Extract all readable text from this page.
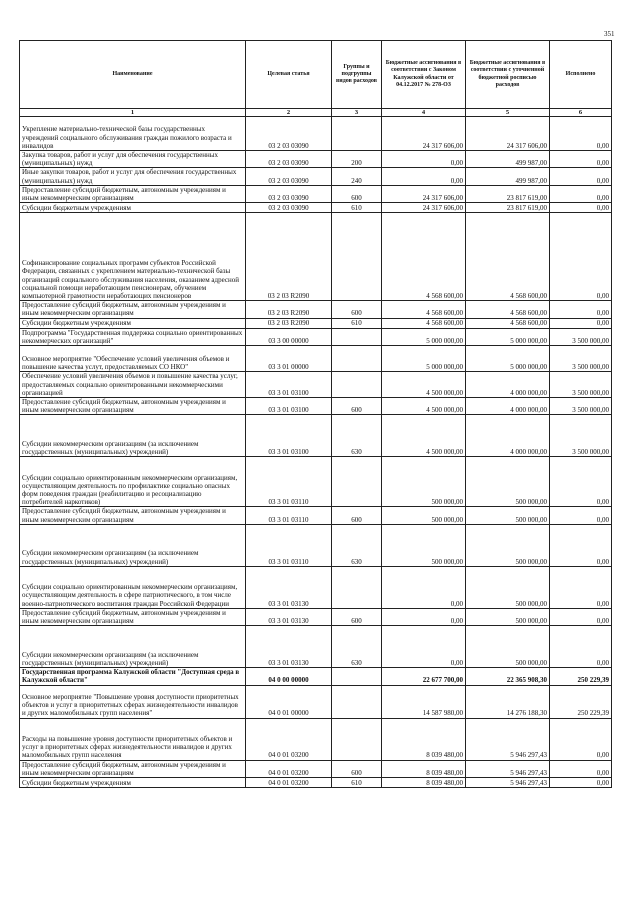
351
Наименование	Целевая статья	Группы и подгруппы видов расходов	Бюджетные ассигнования в соответствии с Законом Калужской области от 04.12.2017 № 278-ОЗ	Бюджетные ассигнования в соответствии с уточненной бюджетной росписью расходов	Исполнено
1	2	3	4	5	6
Укрепление материально-технической базы государственных учреждений социального обслуживания граждан пожилого возраста и инвалидов	03 2 03 03090		24 317 606,00	24 317 606,00	0,00
Закупка товаров, работ и услуг для обеспечения государственных (муниципальных) нужд	03 2 03 03090	200	0,00	499 987,00	0,00
Иные закупки товаров, работ и услуг для обеспечения государственных (муниципальных) нужд	03 2 03 03090	240	0,00	499 987,00	0,00
Предоставление субсидий бюджетным, автономным учреждениям и иным некоммерческим организациям	03 2 03 03090	600	24 317 606,00	23 817 619,00	0,00
Субсидии бюджетным учреждениям	03 2 03 03090	610	24 317 606,00	23 817 619,00	0,00
Софинансирование социальных программ субъектов Российской Федерации, связанных с укреплением материально-технической базы организаций социального обслуживания населения, оказанием адресной социальной помощи неработающим пенсионерам, обучением компьютерной грамотности неработающих пенсионеров	03 2 03 R2090		4 568 600,00	4 568 600,00	0,00
Предоставление субсидий бюджетным, автономным учреждениям и иным некоммерческим организациям	03 2 03 R2090	600	4 568 600,00	4 568 600,00	0,00
Субсидии бюджетным учреждениям	03 2 03 R2090	610	4 568 600,00	4 568 600,00	0,00
Подпрограмма "Государственная поддержка социально ориентированных некоммерческих организаций"	03 3 00 00000		5 000 000,00	5 000 000,00	3 500 000,00
Основное мероприятие "Обеспечение условий увеличения объемов и повышение качества услут, предоставляемых СО НКО"	03 3 01 00000		5 000 000,00	5 000 000,00	3 500 000,00
Обеспечение условий увеличения объемов и повышение качества услуг, предоставляемых социально ориентированными некоммерческими организацией	03 3 01 03100		4 500 000,00	4 000 000,00	3 500 000,00
Предоставление субсидий бюджетным, автономным учреждениям и иным некоммерческим организациям	03 3 01 03100	600	4 500 000,00	4 000 000,00	3 500 000,00
Субсидии некоммерческим организациям (за исключением государственных (муниципальных) учреждений)	03 3 01 03100	630	4 500 000,00	4 000 000,00	3 500 000,00
Субсидии социально ориентированным некоммерческим организациям, осуществляющим деятельность по профилактике социально опасных форм поведения граждан (реабилитацию и ресоциализацию потребителей наркотиков)	03 3 01 03110		500 000,00	500 000,00	0,00
Предоставление субсидий бюджетным, автономным учреждениям и иным некоммерческим организациям	03 3 01 03110	600	500 000,00	500 000,00	0,00
Субсидии некоммерческим организациям (за исключением государственных (муниципальных) учреждений)	03 3 01 03110	630	500 000,00	500 000,00	0,00
Субсидии социально ориентированным некоммерческим организациям, осуществляющим деятельность в сфере патриотического, в том числе военно-патриотического воспитания граждан Российской Федерации	03 3 01 03130		0,00	500 000,00	0,00
Предоставление субсидий бюджетным, автономным учреждениям и иным некоммерческим организациям	03 3 01 03130	600	0,00	500 000,00	0,00
Субсидии некоммерческим организациям (за исключением государственных (муниципальных) учреждений)	03 3 01 03130	630	0,00	500 000,00	0,00
Государственная программа Калужской области "Доступная среда в Калужской области"	04 0 00 00000		22 677 700,00	22 365 908,30	250 229,39
Основное мероприятие "Повышение уровня доступности приоритетных объектов и услуг в приоритетных сферах жизнедеятельности инвалидов и других маломобильных групп населения"	04 0 01 00000		14 587 980,00	14 276 188,30	250 229,39
Расходы на повышение уровня доступности приоритетных объектов и услуг в приоритетных сферах жизнедеятельности инвалидов и других маломобильных групп населения	04 0 01 03200		8 039 480,00	5 946 297,43	0,00
Предоставление субсидий бюджетным, автономным учреждениям и иным некоммерческим организациям	04 0 01 03200	600	8 039 480,00	5 946 297,43	0,00
Субсидии бюджетным учреждениям	04 0 01 03200	610	8 039 480,00	5 946 297,43	0,00
